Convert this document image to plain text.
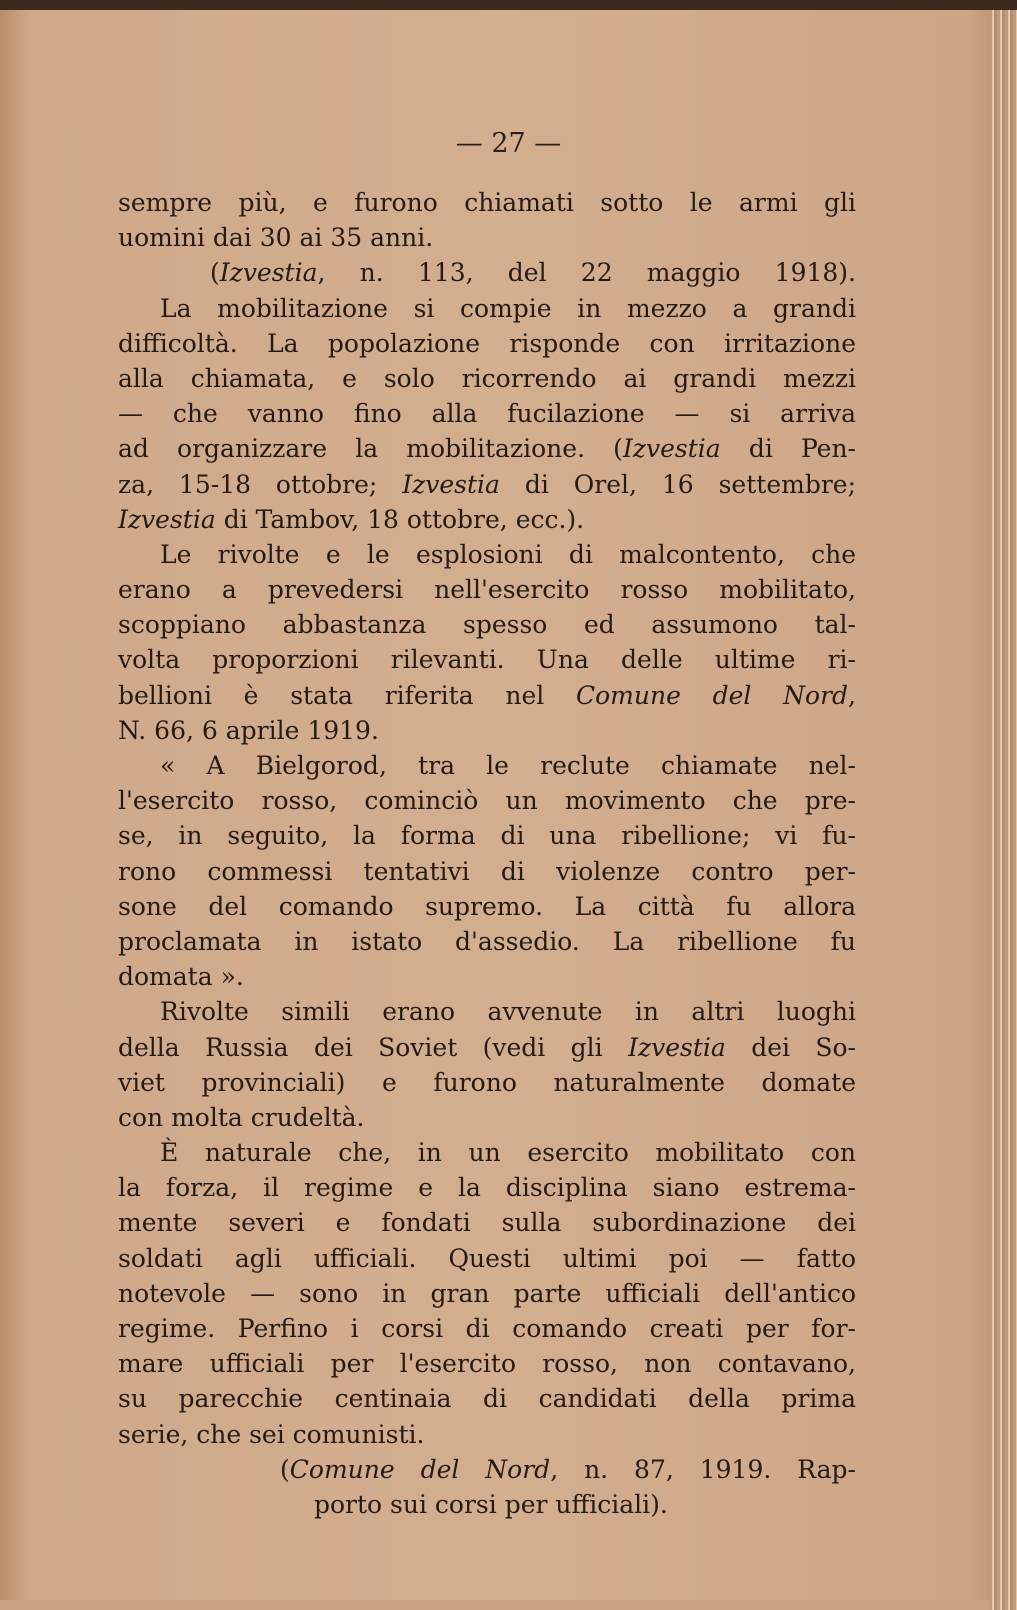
— 27 —
sempre più, e furono chiamati sotto le armi gli
uomini dai 30 ai 35 anni.
(Izvestia, n. 113, del 22 maggio 1918).
La mobilitazione si compie in mezzo a grandi
difficoltà. La popolazione risponde con irritazione
alla chiamata, e solo ricorrendo ai grandi mezzi
— che vanno fino alla fucilazione — si arriva
ad organizzare la mobilitazione. (Izvestia di Pen-
za, 15-18 ottobre; Izvestia di Orel, 16 settembre;
Izvestia di Tambov, 18 ottobre, ecc.).
Le rivolte e le esplosioni di malcontento, che
erano a prevedersi nell'esercito rosso mobilitato,
scoppiano abbastanza spesso ed assumono tal-
volta proporzioni rilevanti. Una delle ultime ri-
bellioni è stata riferita nel Comune del Nord,
N. 66, 6 aprile 1919.
« A Bielgorod, tra le reclute chiamate nel-
l'esercito rosso, cominciò un movimento che pre-
se, in seguito, la forma di una ribellione; vi fu-
rono commessi tentativi di violenze contro per-
sone del comando supremo. La città fu allora
proclamata in istato d'assedio. La ribellione fu
domata ».
Rivolte simili erano avvenute in altri luoghi
della Russia dei Soviet (vedi gli Izvestia dei So-
viet provinciali) e furono naturalmente domate
con molta crudeltà.
È naturale che, in un esercito mobilitato con
la forza, il regime e la disciplina siano estrema-
mente severi e fondati sulla subordinazione dei
soldati agli ufficiali. Questi ultimi poi — fatto
notevole — sono in gran parte ufficiali dell'antico
regime. Perfino i corsi di comando creati per for-
mare ufficiali per l'esercito rosso, non contavano,
su parecchie centinaia di candidati della prima
serie, che sei comunisti.
(Comune del Nord, n. 87, 1919. Rap-
porto sui corsi per ufficiali).
